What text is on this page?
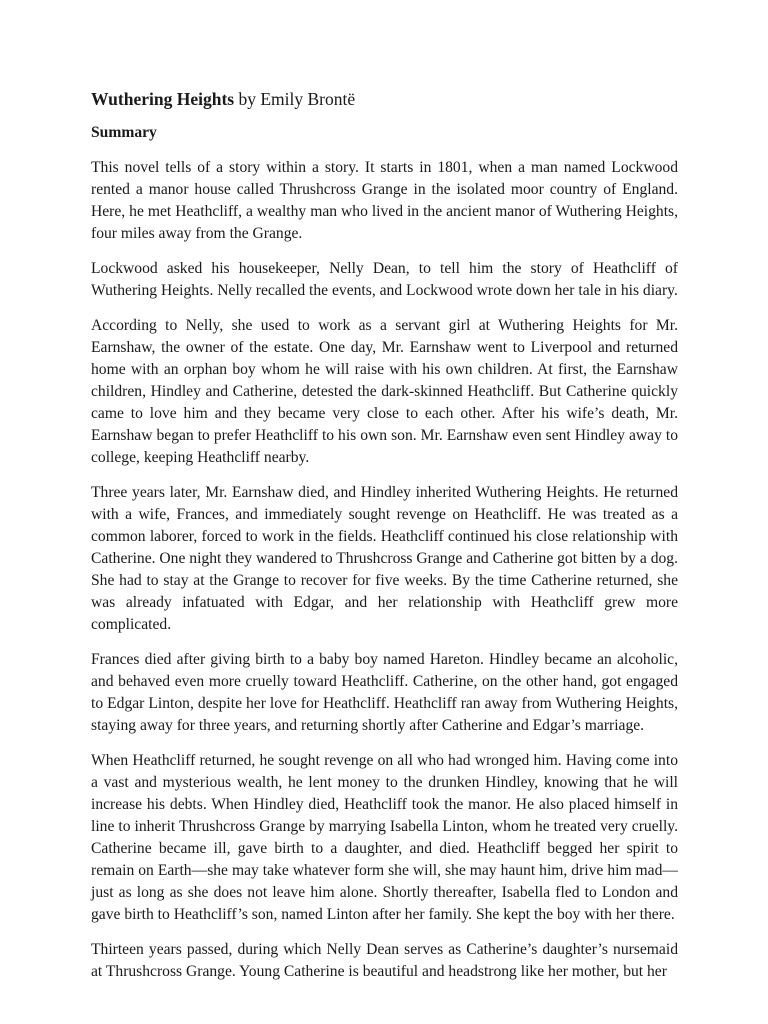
Wuthering Heights by Emily Brontë
Summary

This novel tells of a story within a story. It starts in 1801, when a man named Lockwood rented a manor house called Thrushcross Grange in the isolated moor country of England. Here, he met Heathcliff, a wealthy man who lived in the ancient manor of Wuthering Heights, four miles away from the Grange.

Lockwood asked his housekeeper, Nelly Dean, to tell him the story of Heathcliff of Wuthering Heights. Nelly recalled the events, and Lockwood wrote down her tale in his diary.

According to Nelly, she used to work as a servant girl at Wuthering Heights for Mr. Earnshaw, the owner of the estate. One day, Mr. Earnshaw went to Liverpool and returned home with an orphan boy whom he will raise with his own children. At first, the Earnshaw children, Hindley and Catherine, detested the dark-skinned Heathcliff. But Catherine quickly came to love him and they became very close to each other. After his wife’s death, Mr. Earnshaw began to prefer Heathcliff to his own son. Mr. Earnshaw even sent Hindley away to college, keeping Heathcliff nearby.

Three years later, Mr. Earnshaw died, and Hindley inherited Wuthering Heights. He returned with a wife, Frances, and immediately sought revenge on Heathcliff. He was treated as a common laborer, forced to work in the fields. Heathcliff continued his close relationship with Catherine. One night they wandered to Thrushcross Grange and Catherine got bitten by a dog. She had to stay at the Grange to recover for five weeks. By the time Catherine returned, she was already infatuated with Edgar, and her relationship with Heathcliff grew more complicated.

Frances died after giving birth to a baby boy named Hareton. Hindley became an alcoholic, and behaved even more cruelly toward Heathcliff. Catherine, on the other hand, got engaged to Edgar Linton, despite her love for Heathcliff. Heathcliff ran away from Wuthering Heights, staying away for three years, and returning shortly after Catherine and Edgar’s marriage.

When Heathcliff returned, he sought revenge on all who had wronged him. Having come into a vast and mysterious wealth, he lent money to the drunken Hindley, knowing that he will increase his debts. When Hindley died, Heathcliff took the manor. He also placed himself in line to inherit Thrushcross Grange by marrying Isabella Linton, whom he treated very cruelly. Catherine became ill, gave birth to a daughter, and died. Heathcliff begged her spirit to remain on Earth—she may take whatever form she will, she may haunt him, drive him mad—just as long as she does not leave him alone. Shortly thereafter, Isabella fled to London and gave birth to Heathcliff’s son, named Linton after her family. She kept the boy with her there.

Thirteen years passed, during which Nelly Dean serves as Catherine’s daughter’s nursemaid at Thrushcross Grange. Young Catherine is beautiful and headstrong like her mother, but her
